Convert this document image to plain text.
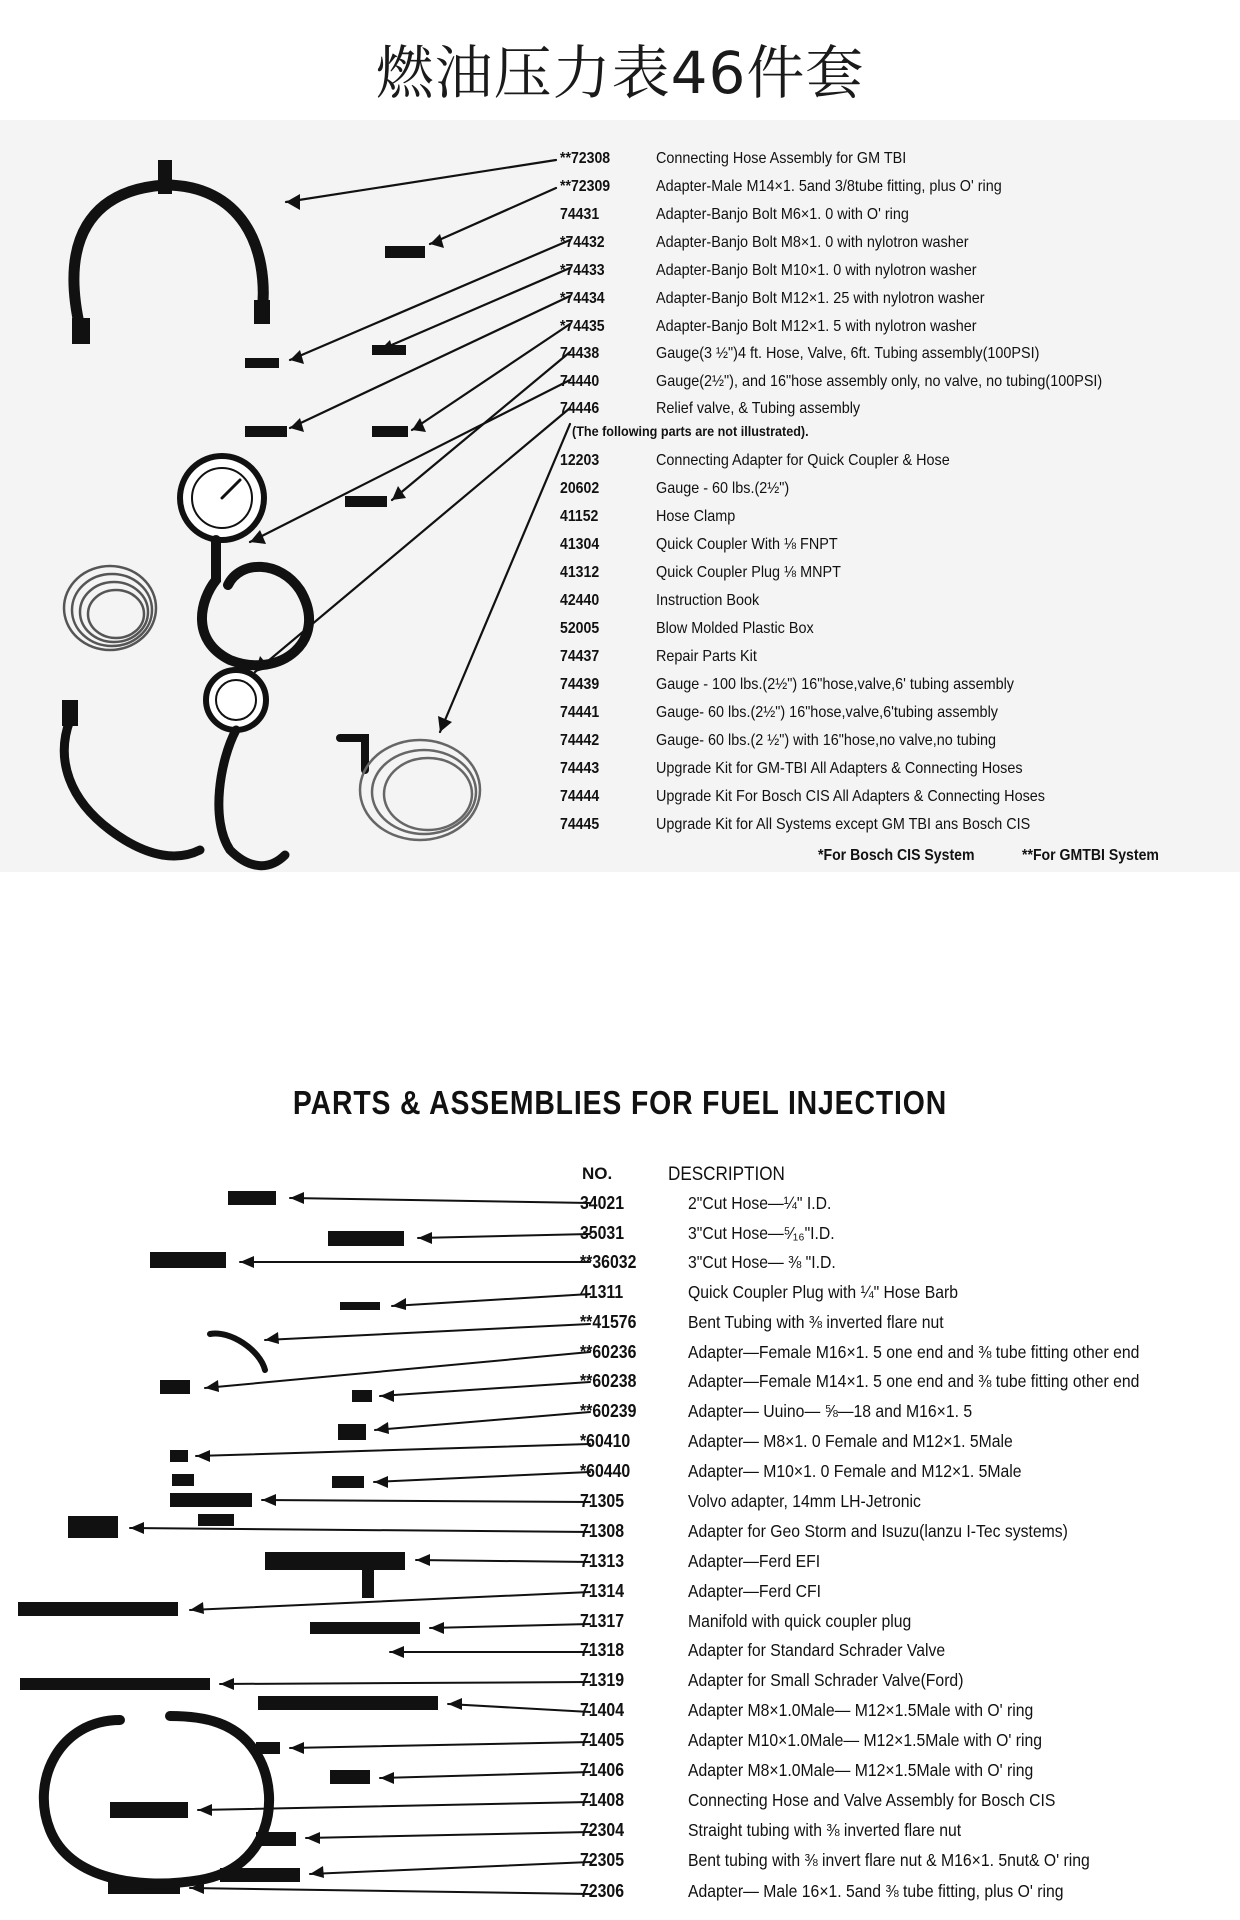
燃油压力表46件套
**72308	Connecting Hose Assembly for GM TBI
**72309	Adapter-Male M14×1. 5and 3/8tube fitting, plus O' ring
74431	Adapter-Banjo Bolt M6×1. 0 with O' ring
*74432	Adapter-Banjo Bolt M8×1. 0 with nylotron washer
*74433	Adapter-Banjo Bolt M10×1. 0 with nylotron washer
*74434	Adapter-Banjo Bolt M12×1. 25 with nylotron washer
*74435	Adapter-Banjo Bolt M12×1. 5 with nylotron washer
74438	Gauge(3 ½")4 ft. Hose, Valve, 6ft. Tubing assembly(100PSI)
74440	Gauge(2½"), and 16"hose assembly only, no valve, no tubing(100PSI)
74446	Relief valve, & Tubing assembly
(The following parts are not illustrated).
12203	Connecting Adapter for Quick Coupler & Hose
20602	Gauge - 60 lbs.(2½")
41152	Hose Clamp
41304	Quick Coupler With ⅛ FNPT
41312	Quick Coupler Plug ⅛ MNPT
42440	Instruction Book
52005	Blow Molded Plastic Box
74437	Repair Parts Kit
74439	Gauge - 100 lbs.(2½") 16"hose,valve,6' tubing assembly
74441	Gauge- 60 lbs.(2½") 16"hose,valve,6'tubing assembly
74442	Gauge- 60 lbs.(2 ½") with 16"hose,no valve,no tubing
74443	Upgrade Kit for GM-TBI All Adapters & Connecting Hoses
74444	Upgrade Kit For Bosch CIS All Adapters & Connecting Hoses
74445	Upgrade Kit for All Systems except GM TBI ans Bosch CIS
*For Bosch CIS System	**For GMTBI System
PARTS & ASSEMBLIES FOR FUEL INJECTION
NO.	DESCRIPTION
34021	2"Cut Hose—¼" I.D.
35031	3"Cut Hose—⁵⁄₁₆"I.D.
**36032	3"Cut Hose— ⅜ "I.D.
41311	Quick Coupler Plug with ¼" Hose Barb
**41576	Bent Tubing with ⅜ inverted flare nut
**60236	Adapter—Female M16×1. 5 one end and ⅜ tube fitting other end
**60238	Adapter—Female M14×1. 5 one end and ⅜ tube fitting other end
**60239	Adapter— Uuino— ⅝—18 and M16×1. 5
*60410	Adapter— M8×1. 0 Female and M12×1. 5Male
*60440	Adapter— M10×1. 0 Female and M12×1. 5Male
71305	Volvo adapter, 14mm LH-Jetronic
71308	Adapter for Geo Storm and Isuzu(lanzu I-Tec systems)
71313	Adapter—Ferd EFI
71314	Adapter—Ferd CFI
71317	Manifold with quick coupler plug
71318	Adapter for Standard Schrader Valve
71319	Adapter for Small Schrader Valve(Ford)
71404	Adapter M8×1.0Male— M12×1.5Male with O' ring
71405	Adapter M10×1.0Male— M12×1.5Male with O' ring
71406	Adapter M8×1.0Male— M12×1.5Male with O' ring
71408	Connecting Hose and Valve Assembly for Bosch CIS
72304	Straight tubing with ⅜ inverted flare nut
72305	Bent tubing with ⅜ invert flare nut & M16×1. 5nut& O' ring
72306	Adapter— Male 16×1. 5and ⅜ tube fitting, plus O' ring
